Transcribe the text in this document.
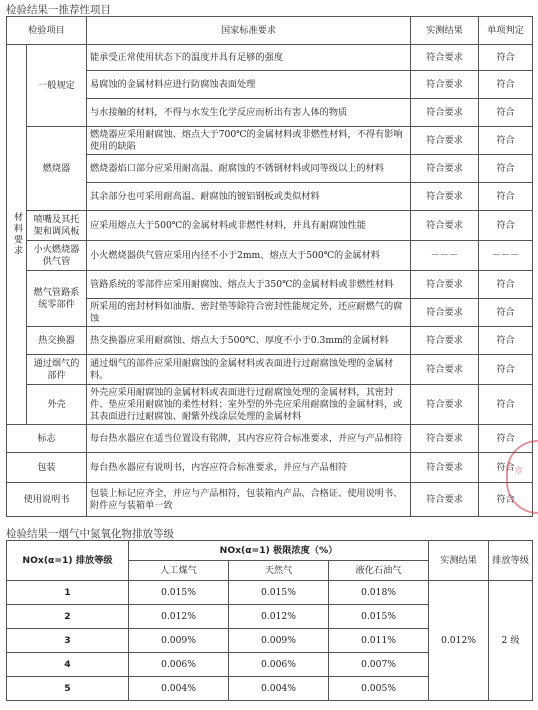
检验结果一推荐性项目
检验项目		国家标准要求	实测结果	单项判定
材料要求	一般规定	能承受正常使用状态下的温度并具有足够的强度	符合要求	符合
		易腐蚀的金属材料应进行防腐蚀表面处理	符合要求	符合
		与水接触的材料，不得与水发生化学反应而析出有害人体的物质	符合要求	符合
	燃烧器	燃烧器应采用耐腐蚀、熔点大于700℃的金属材料或非燃性材料，不得有影响使用的缺陷	符合要求	符合
		燃烧器焰口部分应采用耐高温、耐腐蚀的不锈钢材料或同等级以上的材料	符合要求	符合
		其余部分也可采用耐高温、耐腐蚀的镀铝钢板或类似材料	符合要求	符合
	喷嘴及其托架和调风板	应采用熔点大于500℃的金属材料或非燃性材料，并具有耐腐蚀性能	符合要求	符合
	小火燃烧器供气管	小火燃烧器供气管应采用内径不小于2mm、熔点大于500℃的金属材料	－－－	－－－
	燃气管路系统零部件	管路系统的零部件应采用耐腐蚀、熔点大于350℃的金属材料或非燃性材料	符合要求	符合
		所采用的密封材料如油脂、密封垫等除符合密封性能规定外，还应耐燃气的腐蚀	符合要求	符合
	热交换器	热交换器应采用耐腐蚀、熔点大于500℃、厚度不小于0.3mm的金属材料	符合要求	符合
	通过烟气的部件	通过烟气的部件应采用耐腐蚀的金属材料或表面进行过耐腐蚀处理的金属材料。	符合要求	符合
	外壳	外壳应采用耐腐蚀的金属材料或表面进行过耐腐蚀处理的金属材料，其密封件、垫应采用耐腐蚀的柔性材料；室外型的外壳应采用耐腐蚀的金属材料，或其表面进行过耐腐蚀、耐紫外线涂层处理的金属材料	符合要求	符合
标志		每台热水器应在适当位置设有铭牌，其内容应符合标准要求，并应与产品相符	符合要求	符合
包装		每台热水器应有说明书，内容应符合标准要求，并应与产品相符	符合要求	符合
使用说明书		包装上标记应齐全，并应与产品相符，包装箱内产品、合格证、使用说明书、附件应与装箱单一致	符合要求	符合
检验结果一烟气中氮氧化物排放等级
NOx(α=1) 排放等级	NOx(α=1) 极限浓度（%）			实测结果	排放等级
	人工煤气	天然气	液化石油气		
1	0.015%	0.015%	0.018%	0.012%	2 级
2	0.012%	0.012%	0.015%		
3	0.009%	0.009%	0.011%		
4	0.006%	0.006%	0.007%		
5	0.004%	0.004%	0.005%		
章
